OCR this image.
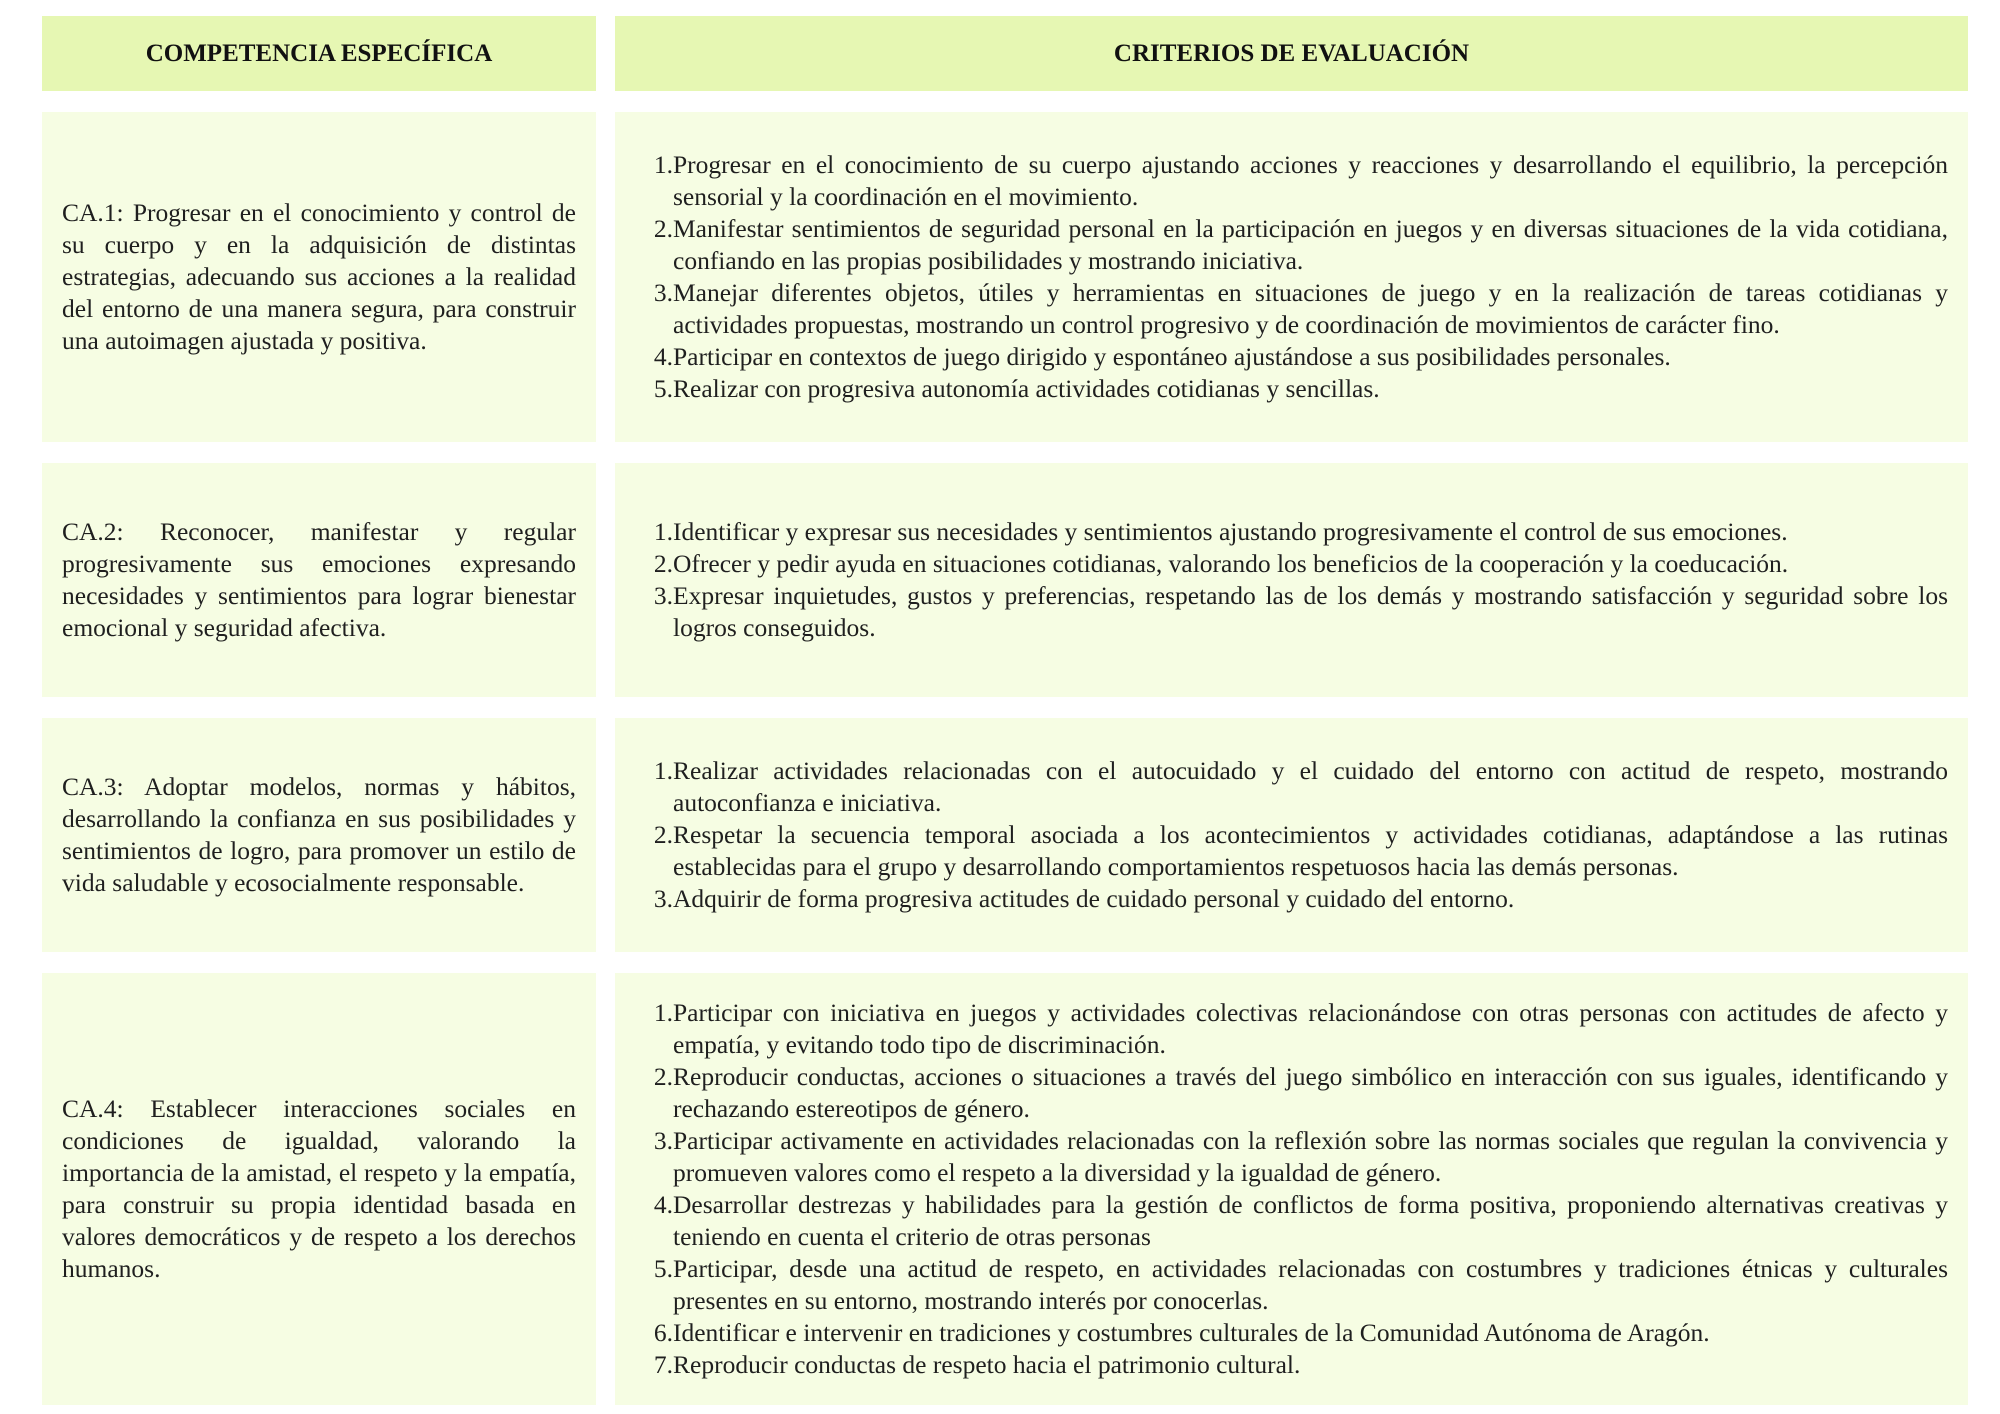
COMPETENCIA ESPECÍFICA	CRITERIOS DE EVALUACIÓN

CA.1: Progresar en el conocimiento y control de su cuerpo y en la adquisición de distintas estrategias, adecuando sus acciones a la realidad del entorno de una manera segura, para construir una autoimagen ajustada y positiva.

1. Progresar en el conocimiento de su cuerpo ajustando acciones y reacciones y desarrollando el equilibrio, la percepción sensorial y la coordinación en el movimiento.
2. Manifestar sentimientos de seguridad personal en la participación en juegos y en diversas situaciones de la vida cotidiana, confiando en las propias posibilidades y mostrando iniciativa.
3. Manejar diferentes objetos, útiles y herramientas en situaciones de juego y en la realización de tareas cotidianas y actividades propuestas, mostrando un control progresivo y de coordinación de movimientos de carácter fino.
4. Participar en contextos de juego dirigido y espontáneo ajustándose a sus posibilidades personales.
5. Realizar con progresiva autonomía actividades cotidianas y sencillas.

CA.2: Reconocer, manifestar y regular progresivamente sus emociones expresando necesidades y sentimientos para lograr bienestar emocional y seguridad afectiva.

1. Identificar y expresar sus necesidades y sentimientos ajustando progresivamente el control de sus emociones.
2. Ofrecer y pedir ayuda en situaciones cotidianas, valorando los beneficios de la cooperación y la coeducación.
3. Expresar inquietudes, gustos y preferencias, respetando las de los demás y mostrando satisfacción y seguridad sobre los logros conseguidos.

CA.3: Adoptar modelos, normas y hábitos, desarrollando la confianza en sus posibilidades y sentimientos de logro, para promover un estilo de vida saludable y ecosocialmente responsable.

1. Realizar actividades relacionadas con el autocuidado y el cuidado del entorno con actitud de respeto, mostrando autoconfianza e iniciativa.
2. Respetar la secuencia temporal asociada a los acontecimientos y actividades cotidianas, adaptándose a las rutinas establecidas para el grupo y desarrollando comportamientos respetuosos hacia las demás personas.
3. Adquirir de forma progresiva actitudes de cuidado personal y cuidado del entorno.

CA.4: Establecer interacciones sociales en condiciones de igualdad, valorando la importancia de la amistad, el respeto y la empatía, para construir su propia identidad basada en valores democráticos y de respeto a los derechos humanos.

1. Participar con iniciativa en juegos y actividades colectivas relacionándose con otras personas con actitudes de afecto y empatía, y evitando todo tipo de discriminación.
2. Reproducir conductas, acciones o situaciones a través del juego simbólico en interacción con sus iguales, identificando y rechazando estereotipos de género.
3. Participar activamente en actividades relacionadas con la reflexión sobre las normas sociales que regulan la convivencia y promueven valores como el respeto a la diversidad y la igualdad de género.
4. Desarrollar destrezas y habilidades para la gestión de conflictos de forma positiva, proponiendo alternativas creativas y teniendo en cuenta el criterio de otras personas
5. Participar, desde una actitud de respeto, en actividades relacionadas con costumbres y tradiciones étnicas y culturales presentes en su entorno, mostrando interés por conocerlas.
6. Identificar e intervenir en tradiciones y costumbres culturales de la Comunidad Autónoma de Aragón.
7. Reproducir conductas de respeto hacia el patrimonio cultural.
